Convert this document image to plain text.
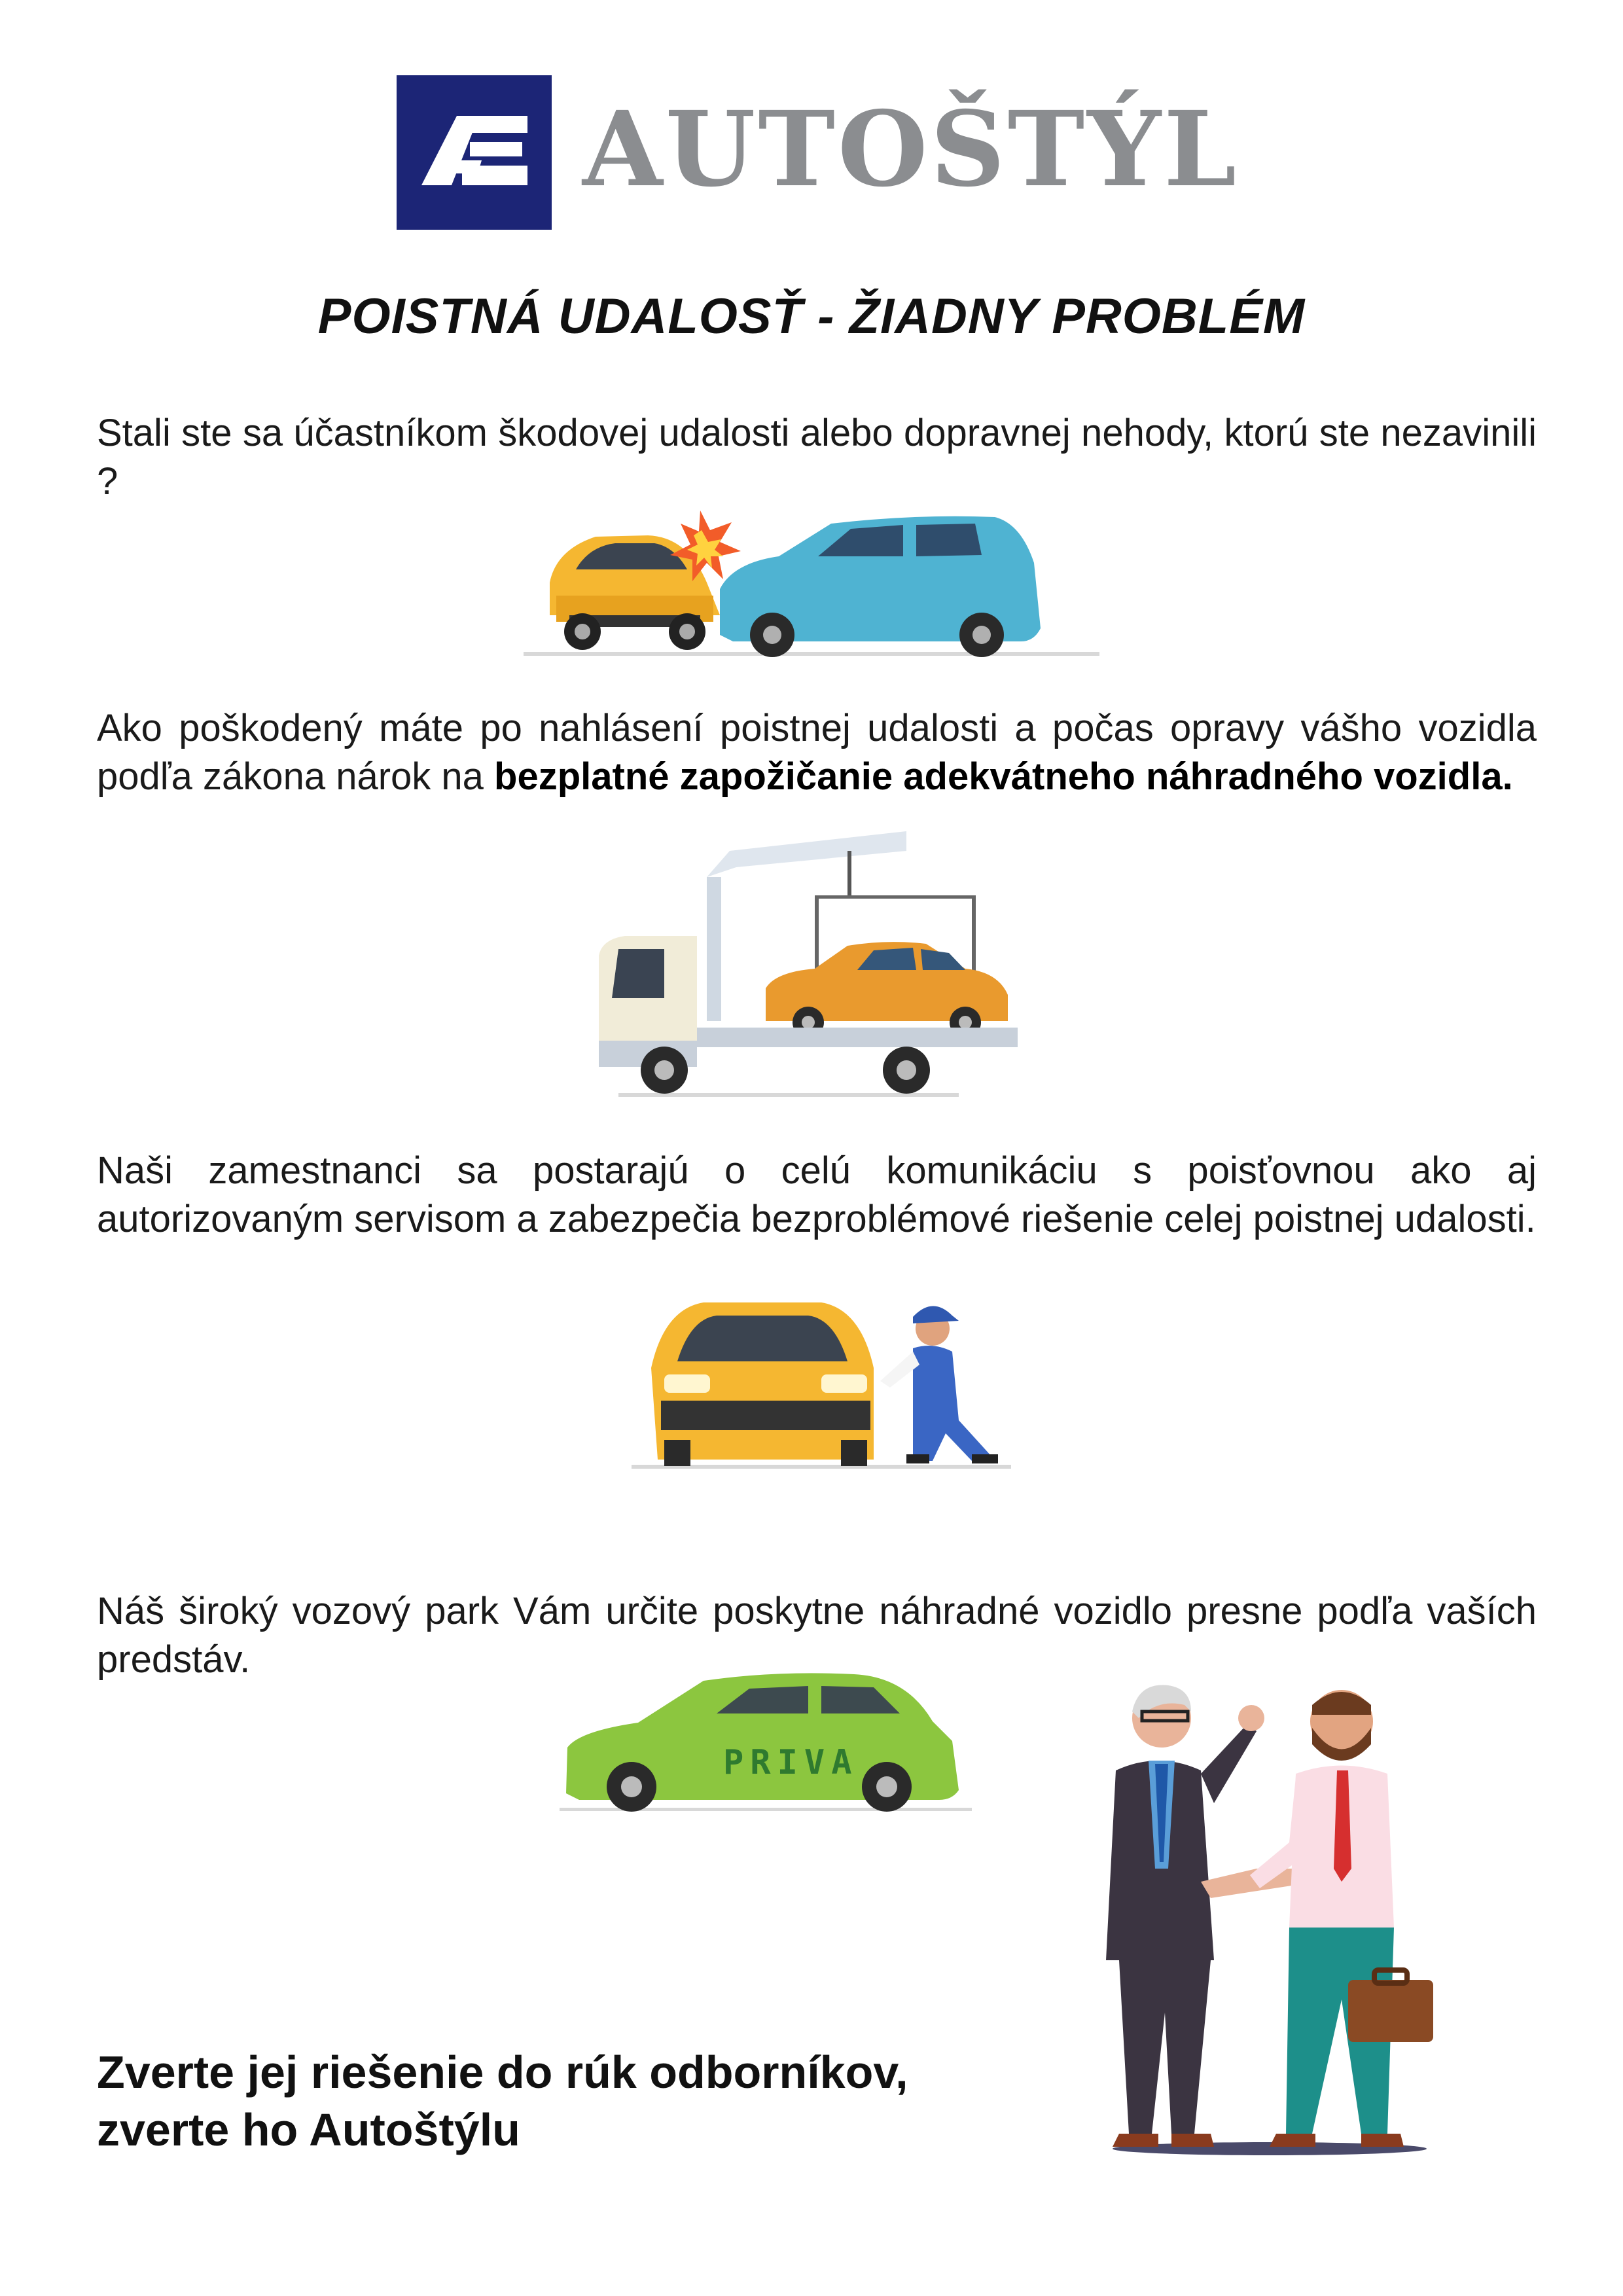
AUTOŠTÝL
POISTNÁ UDALOSŤ - ŽIADNY PROBLÉM
Stali ste sa účastníkom škodovej udalosti alebo dopravnej nehody, ktorú ste nezavinili ?
Ako poškodený máte po nahlásení poistnej udalosti a počas opravy vášho vozidla podľa zákona nárok na bezplatné zapožičanie adekvátneho náhradného vozidla.
Naši zamestnanci sa postarajú o celú komunikáciu s poisťovnou ako aj autorizovaným servisom a zabezpečia bezproblémové riešenie celej poistnej udalosti.
Náš široký vozový park Vám určite poskytne náhradné vozidlo presne podľa vaších predstáv.
PRIVA
Zverte jej riešenie do rúk odborníkov,
zverte ho Autoštýlu
